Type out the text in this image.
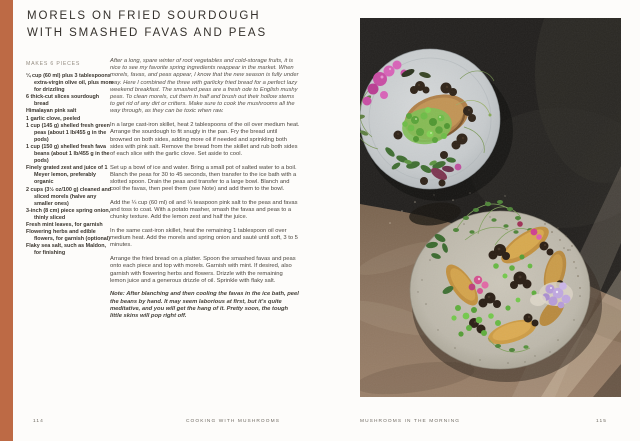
MORELS ON FRIED SOURDOUGH
WITH SMASHED FAVAS AND PEAS
MAKES 6 PIECES
¼ cup (60 ml) plus 3 tablespoons extra-virgin olive oil, plus more for drizzling
6 thick-cut slices sourdough bread
Himalayan pink salt
1 garlic clove, peeled
1 cup (145 g) shelled fresh green peas (about 1 lb/455 g in the pods)
1 cup (150 g) shelled fresh fava beans (about 1 lb/455 g in the pods)
Finely grated zest and juice of 1 Meyer lemon, preferably organic
2 cups (3½ oz/100 g) cleaned and sliced morels (halve any smaller ones)
3-inch (8 cm) piece spring onion, thinly sliced
Fresh mint leaves, for garnish
Flowering herbs and edible flowers, for garnish (optional)
Flaky sea salt, such as Maldon, for finishing

After a long, spare winter of root vegetables and cold-storage fruits, it is nice to see my favorite spring ingredients reappear in the market. When morels, favas, and peas appear, I know that the new season is fully under way. Here I combined the three with garlicky fried bread for a perfect lazy weekend breakfast. The smashed peas are a fresh ode to English mushy peas. To clean morels, cut them in half and brush out their hollow stems to get rid of any dirt or critters. Make sure to cook the mushrooms all the way through, as they can be toxic when raw.

In a large cast-iron skillet, heat 2 tablespoons of the oil over medium heat. Arrange the sourdough to fit snugly in the pan. Fry the bread until browned on both sides, adding more oil if needed and sprinkling both sides with pink salt. Remove the bread from the skillet and rub both sides of each slice with the garlic clove. Set aside to cool.

Set up a bowl of ice and water. Bring a small pot of salted water to a boil. Blanch the peas for 30 to 45 seconds, then transfer to the ice bath with a slotted spoon. Drain the peas and transfer to a large bowl. Blanch and cool the favas, then peel them (see Note) and add them to the bowl.

Add the ¼ cup (60 ml) oil and ¼ teaspoon pink salt to the peas and favas and toss to coat. With a potato masher, smash the favas and peas to a chunky texture. Add the lemon zest and half the juice.

In the same cast-iron skillet, heat the remaining 1 tablespoon oil over medium heat. Add the morels and spring onion and sauté until soft, 3 to 5 minutes.

Arrange the fried bread on a platter. Spoon the smashed favas and peas onto each piece and top with morels. Garnish with mint. If desired, also garnish with flowering herbs and flowers. Drizzle with the remaining lemon juice and a generous drizzle of oil. Sprinkle with flaky salt.

Note: After blanching and then cooling the favas in the ice bath, peel the beans by hand. It may seem laborious at first, but it's quite meditative, and you will get the hang of it. Pretty soon, the tough little skins will pop right off.

114	COOKING WITH MUSHROOMS	MUSHROOMS IN THE MORNING	115
